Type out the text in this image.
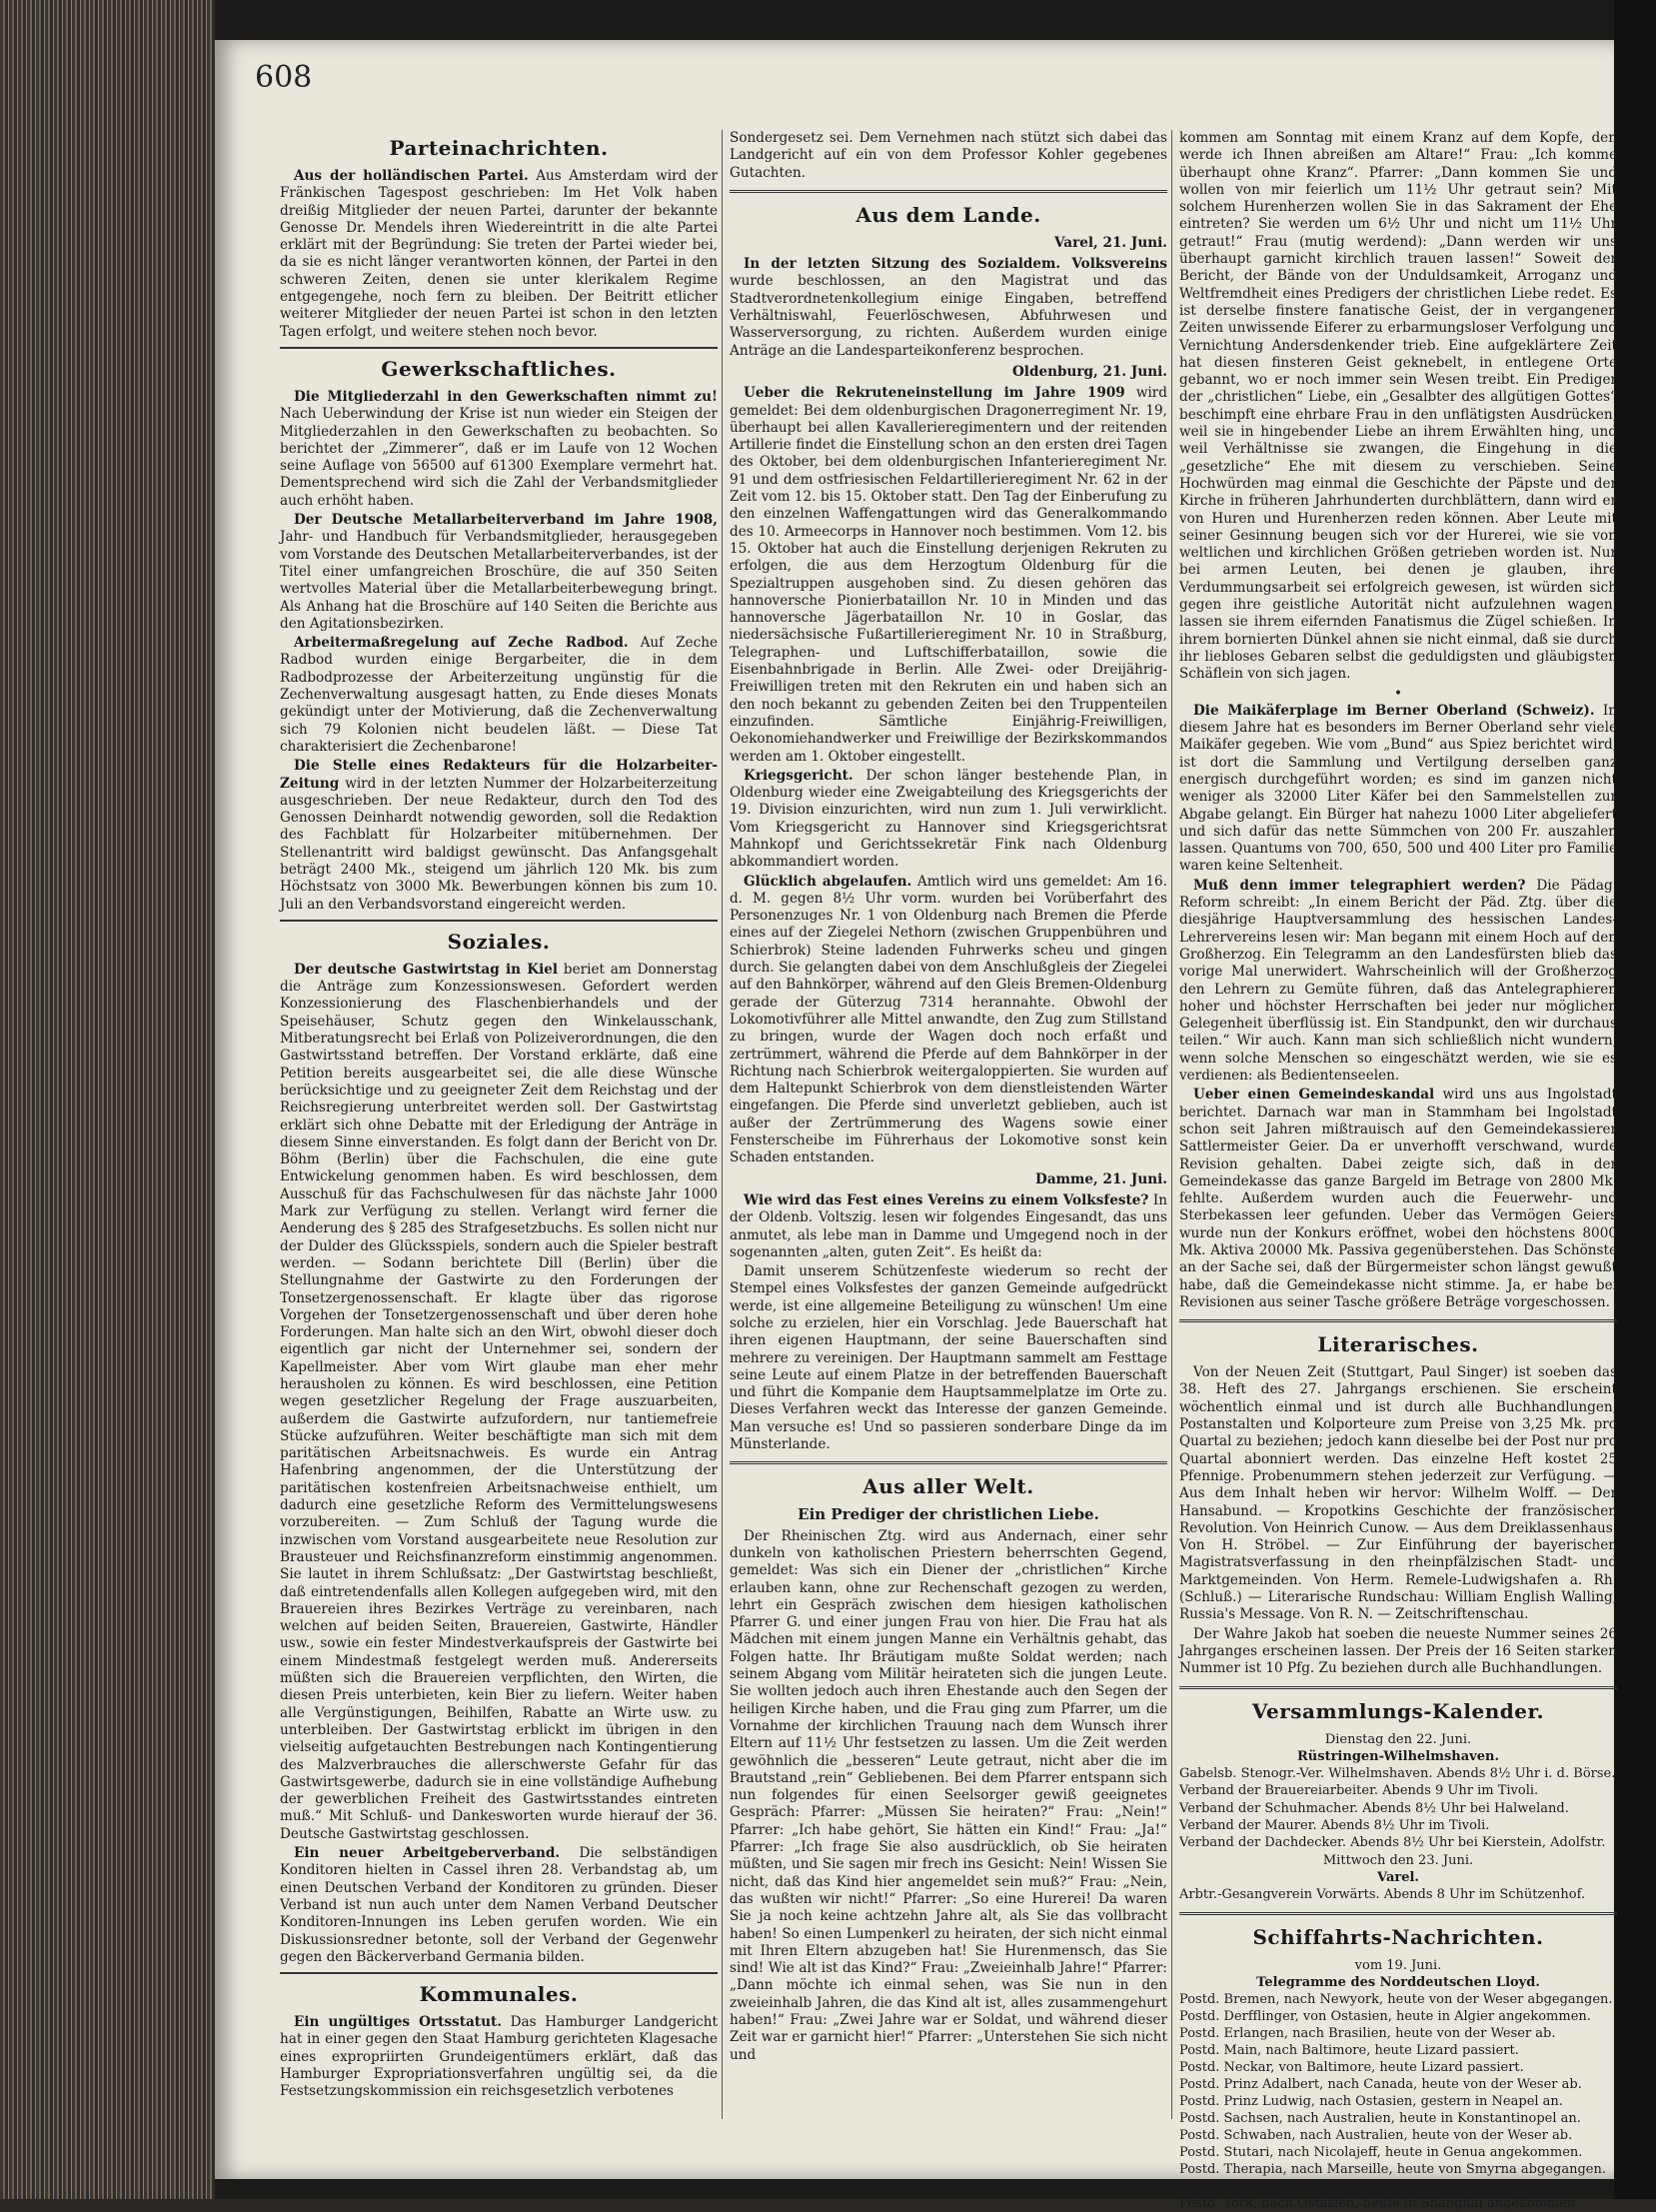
608
Parteinachrichten.

Aus der holländischen Partei. Aus Amsterdam wird der Fränkischen Tagespost geschrieben: Im Het Volk haben dreißig Mitglieder der neuen Partei, darunter der bekannte Genosse Dr. Mendels ihren Wiedereintritt in die alte Partei erklärt mit der Begründung: Sie treten der Partei wieder bei, da sie es nicht länger verantworten können, der Partei in den schweren Zeiten, denen sie unter klerikalem Regime entgegengehe, noch fern zu bleiben. Der Beitritt etlicher weiterer Mitglieder der neuen Partei ist schon in den letzten Tagen erfolgt, und weitere stehen noch bevor.

Gewerkschaftliches.

Die Mitgliederzahl in den Gewerkschaften nimmt zu! Nach Ueberwindung der Krise ist nun wieder ein Steigen der Mitgliederzahlen in den Gewerkschaften zu beobachten. So berichtet der „Zimmerer“, daß er im Laufe von 12 Wochen seine Auflage von 56500 auf 61300 Exemplare vermehrt hat. Dementsprechend wird sich die Zahl der Verbandsmitglieder auch erhöht haben.

Der Deutsche Metallarbeiterverband im Jahre 1908, Jahr- und Handbuch für Verbandsmitglieder, herausgegeben vom Vorstande des Deutschen Metallarbeiterverbandes, ist der Titel einer umfangreichen Broschüre, die auf 350 Seiten wertvolles Material über die Metallarbeiterbewegung bringt. Als Anhang hat die Broschüre auf 140 Seiten die Berichte aus den Agitationsbezirken.

Arbeitermaßregelung auf Zeche Radbod. Auf Zeche Radbod wurden einige Bergarbeiter, die in dem Radbodprozesse der Arbeiterzeitung ungünstig für die Zechenverwaltung ausgesagt hatten, zu Ende dieses Monats gekündigt unter der Motivierung, daß die Zechenverwaltung sich 79 Kolonien nicht beudelen läßt. — Diese Tat charakterisiert die Zechenbarone!

Die Stelle eines Redakteurs für die Holzarbeiter-Zeitung wird in der letzten Nummer der Holzarbeiterzeitung ausgeschrieben. Der neue Redakteur, durch den Tod des Genossen Deinhardt notwendig geworden, soll die Redaktion des Fachblatt für Holzarbeiter mitübernehmen. Der Stellenantritt wird baldigst gewünscht. Das Anfangsgehalt beträgt 2400 Mk., steigend um jährlich 120 Mk. bis zum Höchstsatz von 3000 Mk. Bewerbungen können bis zum 10. Juli an den Verbandsvorstand eingereicht werden.

Soziales.

Der deutsche Gastwirtstag in Kiel beriet am Donnerstag die Anträge zum Konzessionswesen. Gefordert werden Konzessionierung des Flaschenbierhandels und der Speisehäuser, Schutz gegen den Winkelausschank, Mitberatungsrecht bei Erlaß von Polizeiverordnungen, die den Gastwirtsstand betreffen. Der Vorstand erklärte, daß eine Petition bereits ausgearbeitet sei, die alle diese Wünsche berücksichtige und zu geeigneter Zeit dem Reichstag und der Reichsregierung unterbreitet werden soll. Der Gastwirtstag erklärt sich ohne Debatte mit der Erledigung der Anträge in diesem Sinne einverstanden. Es folgt dann der Bericht von Dr. Böhm (Berlin) über die Fachschulen, die eine gute Entwickelung genommen haben. Es wird beschlossen, dem Ausschuß für das Fachschulwesen für das nächste Jahr 1000 Mark zur Verfügung zu stellen. Verlangt wird ferner die Aenderung des § 285 des Strafgesetzbuchs. Es sollen nicht nur der Dulder des Glücksspiels, sondern auch die Spieler bestraft werden. — Sodann berichtete Dill (Berlin) über die Stellungnahme der Gastwirte zu den Forderungen der Tonsetzergenossenschaft. Er klagte über das rigorose Vorgehen der Tonsetzergenossenschaft und über deren hohe Forderungen. Man halte sich an den Wirt, obwohl dieser doch eigentlich gar nicht der Unternehmer sei, sondern der Kapellmeister. Aber vom Wirt glaube man eher mehr herausholen zu können. Es wird beschlossen, eine Petition wegen gesetzlicher Regelung der Frage auszuarbeiten, außerdem die Gastwirte aufzufordern, nur tantiemefreie Stücke aufzuführen. Weiter beschäftigte man sich mit dem paritätischen Arbeitsnachweis. Es wurde ein Antrag Hafenbring angenommen, der die Unterstützung der paritätischen kostenfreien Arbeitsnachweise enthielt, um dadurch eine gesetzliche Reform des Vermittelungswesens vorzubereiten. — Zum Schluß der Tagung wurde die inzwischen vom Vorstand ausgearbeitete neue Resolution zur Brausteuer und Reichsfinanzreform einstimmig angenommen. Sie lautet in ihrem Schlußsatz: „Der Gastwirtstag beschließt, daß eintretendenfalls allen Kollegen aufgegeben wird, mit den Brauereien ihres Bezirkes Verträge zu vereinbaren, nach welchen auf beiden Seiten, Brauereien, Gastwirte, Händler usw., sowie ein fester Mindestverkaufspreis der Gastwirte bei einem Mindestmaß festgelegt werden muß. Andererseits müßten sich die Brauereien verpflichten, den Wirten, die diesen Preis unterbieten, kein Bier zu liefern. Weiter haben alle Vergünstigungen, Beihilfen, Rabatte an Wirte usw. zu unterbleiben. Der Gastwirtstag erblickt im übrigen in den vielseitig aufgetauchten Bestrebungen nach Kontingentierung des Malzverbrauches die allerschwerste Gefahr für das Gastwirtsgewerbe, dadurch sie in eine vollständige Aufhebung der gewerblichen Freiheit des Gastwirtsstandes eintreten muß.“ Mit Schluß- und Dankesworten wurde hierauf der 36. Deutsche Gastwirtstag geschlossen.

Ein neuer Arbeitgeberverband. Die selbständigen Konditoren hielten in Cassel ihren 28. Verbandstag ab, um einen Deutschen Verband der Konditoren zu gründen. Dieser Verband ist nun auch unter dem Namen Verband Deutscher Konditoren-Innungen ins Leben gerufen worden. Wie ein Diskussionsredner betonte, soll der Verband der Gegenwehr gegen den Bäckerverband Germania bilden.

Kommunales.

Ein ungültiges Ortsstatut. Das Hamburger Landgericht hat in einer gegen den Staat Hamburg gerichteten Klagesache eines expropriirten Grundeigentümers erklärt, daß das Hamburger Expropriationsverfahren ungültig sei, da die Festsetzungskommission ein reichsgesetzlich verbotenes

Sondergesetz sei. Dem Vernehmen nach stützt sich dabei das Landgericht auf ein von dem Professor Kohler gegebenes Gutachten.

Aus dem Lande.
Varel, 21. Juni.

In der letzten Sitzung des Sozialdem. Volksvereins wurde beschlossen, an den Magistrat und das Stadtverordnetenkollegium einige Eingaben, betreffend Verhältniswahl, Feuerlöschwesen, Abfuhrwesen und Wasserversorgung, zu richten. Außerdem wurden einige Anträge an die Landesparteikonferenz besprochen.

Oldenburg, 21. Juni.

Ueber die Rekruteneinstellung im Jahre 1909 wird gemeldet: Bei dem oldenburgischen Dragonerregiment Nr. 19, überhaupt bei allen Kavallerieregimentern und der reitenden Artillerie findet die Einstellung schon an den ersten drei Tagen des Oktober, bei dem oldenburgischen Infanterieregiment Nr. 91 und dem ostfriesischen Feldartillerieregiment Nr. 62 in der Zeit vom 12. bis 15. Oktober statt. Den Tag der Einberufung zu den einzelnen Waffengattungen wird das Generalkommando des 10. Armeecorps in Hannover noch bestimmen. Vom 12. bis 15. Oktober hat auch die Einstellung derjenigen Rekruten zu erfolgen, die aus dem Herzogtum Oldenburg für die Spezialtruppen ausgehoben sind. Zu diesen gehören das hannoversche Pionierbataillon Nr. 10 in Minden und das hannoversche Jägerbataillon Nr. 10 in Goslar, das niedersächsische Fußartillerieregiment Nr. 10 in Straßburg, Telegraphen- und Luftschifferbataillon, sowie die Eisenbahnbrigade in Berlin. Alle Zwei- oder Dreijährig-Freiwilligen treten mit den Rekruten ein und haben sich an den noch bekannt zu gebenden Zeiten bei den Truppenteilen einzufinden. Sämtliche Einjährig-Freiwilligen, Oekonomiehandwerker und Freiwillige der Bezirkskommandos werden am 1. Oktober eingestellt.

Kriegsgericht. Der schon länger bestehende Plan, in Oldenburg wieder eine Zweigabteilung des Kriegsgerichts der 19. Division einzurichten, wird nun zum 1. Juli verwirklicht. Vom Kriegsgericht zu Hannover sind Kriegsgerichtsrat Mahnkopf und Gerichtssekretär Fink nach Oldenburg abkommandiert worden.

Glücklich abgelaufen. Amtlich wird uns gemeldet: Am 16. d. M. gegen 8½ Uhr vorm. wurden bei Vorüberfahrt des Personenzuges Nr. 1 von Oldenburg nach Bremen die Pferde eines auf der Ziegelei Nethorn (zwischen Gruppenbühren und Schierbrok) Steine ladenden Fuhrwerks scheu und gingen durch. Sie gelangten dabei von dem Anschlußgleis der Ziegelei auf den Bahnkörper, während auf den Gleis Bremen-Oldenburg gerade der Güterzug 7314 herannahte. Obwohl der Lokomotivführer alle Mittel anwandte, den Zug zum Stillstand zu bringen, wurde der Wagen doch noch erfaßt und zertrümmert, während die Pferde auf dem Bahnkörper in der Richtung nach Schierbrok weitergaloppierten. Sie wurden auf dem Haltepunkt Schierbrok von dem dienstleistenden Wärter eingefangen. Die Pferde sind unverletzt geblieben, auch ist außer der Zertrümmerung des Wagens sowie einer Fensterscheibe im Führerhaus der Lokomotive sonst kein Schaden entstanden.

Damme, 21. Juni.

Wie wird das Fest eines Vereins zu einem Volksfeste? In der Oldenb. Voltszig. lesen wir folgendes Eingesandt, das uns anmutet, als lebe man in Damme und Umgegend noch in der sogenannten „alten, guten Zeit“. Es heißt da:

Damit unserem Schützenfeste wiederum so recht der Stempel eines Volksfestes der ganzen Gemeinde aufgedrückt werde, ist eine allgemeine Beteiligung zu wünschen! Um eine solche zu erzielen, hier ein Vorschlag. Jede Bauerschaft hat ihren eigenen Hauptmann, der seine Bauerschaften sind mehrere zu vereinigen. Der Hauptmann sammelt am Festtage seine Leute auf einem Platze in der betreffenden Bauerschaft und führt die Kompanie dem Hauptsammelplatze im Orte zu. Dieses Verfahren weckt das Interesse der ganzen Gemeinde. Man versuche es! Und so passieren sonderbare Dinge da im Münsterlande.

Aus aller Welt.
Ein Prediger der christlichen Liebe.

Der Rheinischen Ztg. wird aus Andernach, einer sehr dunkeln von katholischen Priestern beherrschten Gegend, gemeldet: Was sich ein Diener der „christlichen“ Kirche erlauben kann, ohne zur Rechenschaft gezogen zu werden, lehrt ein Gespräch zwischen dem hiesigen katholischen Pfarrer G. und einer jungen Frau von hier. Die Frau hat als Mädchen mit einem jungen Manne ein Verhältnis gehabt, das Folgen hatte. Ihr Bräutigam mußte Soldat werden; nach seinem Abgang vom Militär heirateten sich die jungen Leute. Sie wollten jedoch auch ihren Ehestande auch den Segen der heiligen Kirche haben, und die Frau ging zum Pfarrer, um die Vornahme der kirchlichen Trauung nach dem Wunsch ihrer Eltern auf 11½ Uhr festsetzen zu lassen. Um die Zeit werden gewöhnlich die „besseren“ Leute getraut, nicht aber die im Brautstand „rein“ Gebliebenen. Bei dem Pfarrer entspann sich nun folgendes für einen Seelsorger gewiß geeignetes Gespräch: Pfarrer: „Müssen Sie heiraten?“ Frau: „Nein!“ Pfarrer: „Ich habe gehört, Sie hätten ein Kind!“ Frau: „Ja!“ Pfarrer: „Ich frage Sie also ausdrücklich, ob Sie heiraten müßten, und Sie sagen mir frech ins Gesicht: Nein! Wissen Sie nicht, daß das Kind hier angemeldet sein muß?“ Frau: „Nein, das wußten wir nicht!“ Pfarrer: „So eine Hurerei! Da waren Sie ja noch keine achtzehn Jahre alt, als Sie das vollbracht haben! So einen Lumpenkerl zu heiraten, der sich nicht einmal mit Ihren Eltern abzugeben hat! Sie Hurenmensch, das Sie sind! Wie alt ist das Kind?“ Frau: „Zweieinhalb Jahre!“ Pfarrer: „Dann möchte ich einmal sehen, was Sie nun in den zweieinhalb Jahren, die das Kind alt ist, alles zusammengehurt haben!“ Frau: „Zwei Jahre war er Soldat, und während dieser Zeit war er garnicht hier!“ Pfarrer: „Unterstehen Sie sich nicht und

kommen am Sonntag mit einem Kranz auf dem Kopfe, den werde ich Ihnen abreißen am Altare!“ Frau: „Ich komme überhaupt ohne Kranz“. Pfarrer: „Dann kommen Sie und wollen von mir feierlich um 11½ Uhr getraut sein? Mit solchem Hurenherzen wollen Sie in das Sakrament der Ehe eintreten? Sie werden um 6½ Uhr und nicht um 11½ Uhr getraut!“ Frau (mutig werdend): „Dann werden wir uns überhaupt garnicht kirchlich trauen lassen!“ Soweit der Bericht, der Bände von der Unduldsamkeit, Arroganz und Weltfremdheit eines Predigers der christlichen Liebe redet. Es ist derselbe finstere fanatische Geist, der in vergangenen Zeiten unwissende Eiferer zu erbarmungsloser Verfolgung und Vernichtung Andersdenkender trieb. Eine aufgeklärtere Zeit hat diesen finsteren Geist geknebelt, in entlegene Orte gebannt, wo er noch immer sein Wesen treibt. Ein Prediger der „christlichen“ Liebe, ein „Gesalbter des allgütigen Gottes“ beschimpft eine ehrbare Frau in den unflätigsten Ausdrücken, weil sie in hingebender Liebe an ihrem Erwählten hing, und weil Verhältnisse sie zwangen, die Eingehung in die „gesetzliche“ Ehe mit diesem zu verschieben. Seine Hochwürden mag einmal die Geschichte der Päpste und der Kirche in früheren Jahrhunderten durchblättern, dann wird er von Huren und Hurenherzen reden können. Aber Leute mit seiner Gesinnung beugen sich vor der Hurerei, wie sie von weltlichen und kirchlichen Größen getrieben worden ist. Nur bei armen Leuten, bei denen je glauben, ihre Verdummungsarbeit sei erfolgreich gewesen, ist würden sich gegen ihre geistliche Autorität nicht aufzulehnen wagen, lassen sie ihrem eifernden Fanatismus die Zügel schießen. In ihrem bornierten Dünkel ahnen sie nicht einmal, daß sie durch ihr liebloses Gebaren selbst die geduldigsten und gläubigsten Schäflein von sich jagen.

•

Die Maikäferplage im Berner Oberland (Schweiz). In diesem Jahre hat es besonders im Berner Oberland sehr viele Maikäfer gegeben. Wie vom „Bund“ aus Spiez berichtet wird, ist dort die Sammlung und Vertilgung derselben ganz energisch durchgeführt worden; es sind im ganzen nicht weniger als 32000 Liter Käfer bei den Sammelstellen zur Abgabe gelangt. Ein Bürger hat nahezu 1000 Liter abgeliefert und sich dafür das nette Sümmchen von 200 Fr. auszahlen lassen. Quantums von 700, 650, 500 und 400 Liter pro Familie waren keine Seltenheit.

Muß denn immer telegraphiert werden? Die Pädag. Reform schreibt: „In einem Bericht der Päd. Ztg. über die diesjährige Hauptversammlung des hessischen Landes-Lehrervereins lesen wir: Man begann mit einem Hoch auf den Großherzog. Ein Telegramm an den Landesfürsten blieb das vorige Mal unerwidert. Wahrscheinlich will der Großherzog den Lehrern zu Gemüte führen, daß das Antelegraphieren hoher und höchster Herrschaften bei jeder nur möglichen Gelegenheit überflüssig ist. Ein Standpunkt, den wir durchaus teilen.“ Wir auch. Kann man sich schließlich nicht wundern, wenn solche Menschen so eingeschätzt werden, wie sie es verdienen: als Bedientenseelen.

Ueber einen Gemeindeskandal wird uns aus Ingolstadt berichtet. Darnach war man in Stammham bei Ingolstadt schon seit Jahren mißtrauisch auf den Gemeindekassierer Sattlermeister Geier. Da er unverhofft verschwand, wurde Revision gehalten. Dabei zeigte sich, daß in der Gemeindekasse das ganze Bargeld im Betrage von 2800 Mk. fehlte. Außerdem wurden auch die Feuerwehr- und Sterbekassen leer gefunden. Ueber das Vermögen Geiers wurde nun der Konkurs eröffnet, wobei den höchstens 8000 Mk. Aktiva 20000 Mk. Passiva gegenüberstehen. Das Schönste an der Sache sei, daß der Bürgermeister schon längst gewußt habe, daß die Gemeindekasse nicht stimme. Ja, er habe bei Revisionen aus seiner Tasche größere Beträge vorgeschossen.

Literarisches.

Von der Neuen Zeit (Stuttgart, Paul Singer) ist soeben das 38. Heft des 27. Jahrgangs erschienen. Sie erscheint wöchentlich einmal und ist durch alle Buchhandlungen, Postanstalten und Kolporteure zum Preise von 3,25 Mk. pro Quartal zu beziehen; jedoch kann dieselbe bei der Post nur pro Quartal abonniert werden. Das einzelne Heft kostet 25 Pfennige. Probenummern stehen jederzeit zur Verfügung. — Aus dem Inhalt heben wir hervor: Wilhelm Wolff. — Der Hansabund. — Kropotkins Geschichte der französischen Revolution. Von Heinrich Cunow. — Aus dem Dreiklassenhaus. Von H. Ströbel. — Zur Einführung der bayerischen Magistratsverfassung in den rheinpfälzischen Stadt- und Marktgemeinden. Von Herm. Remele-Ludwigshafen a. Rh. (Schluß.) — Literarische Rundschau: William English Walling, Russia's Message. Von R. N. — Zeitschriftenschau.

Der Wahre Jakob hat soeben die neueste Nummer seines 26 Jahrganges erscheinen lassen. Der Preis der 16 Seiten starken Nummer ist 10 Pfg. Zu beziehen durch alle Buchhandlungen.

Versammlungs-Kalender.
Dienstag den 22. Juni.
Rüstringen-Wilhelmshaven.
Gabelsb. Stenogr.-Ver. Wilhelmshaven. Abends 8½ Uhr i. d. Börse.
Verband der Brauereiarbeiter. Abends 9 Uhr im Tivoli.
Verband der Schuhmacher. Abends 8½ Uhr bei Halweland.
Verband der Maurer. Abends 8½ Uhr im Tivoli.
Verband der Dachdecker. Abends 8½ Uhr bei Kierstein, Adolfstr.
Mittwoch den 23. Juni.
Varel.
Arbtr.-Gesangverein Vorwärts. Abends 8 Uhr im Schützenhof.
Schiffahrts-Nachrichten.
vom 19. Juni.
Telegramme des Norddeutschen Lloyd.
Postd. Bremen, nach Newyork, heute von der Weser abgegangen.
Postd. Derfflinger, von Ostasien, heute in Algier angekommen.
Postd. Erlangen, nach Brasilien, heute von der Weser ab.
Postd. Main, nach Baltimore, heute Lizard passiert.
Postd. Neckar, von Baltimore, heute Lizard passiert.
Postd. Prinz Adalbert, nach Canada, heute von der Weser ab.
Postd. Prinz Ludwig, nach Ostasien, gestern in Neapel an.
Postd. Sachsen, nach Australien, heute in Konstantinopel an.
Postd. Schwaben, nach Australien, heute von der Weser ab.
Postd. Stutari, nach Nicolajeff, heute in Genua angekommen.
Postd. Therapia, nach Marseille, heute von Smyrna abgegangen.
Postd. Wittekind, von Havana, heute in Coruna angekommen.
Postd. York, nach Ostasien, heute in Shanghai angekommen.
